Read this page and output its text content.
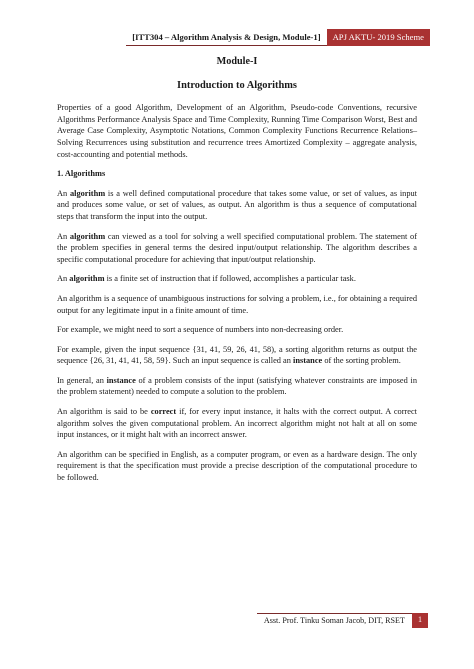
[ITT304 – Algorithm Analysis & Design, Module-1]	APJ AKTU- 2019 Scheme
Module-I
Introduction to Algorithms

Properties of a good Algorithm, Development of an Algorithm, Pseudo-code Conventions, recursive Algorithms Performance Analysis Space and Time Complexity, Running Time Comparison Worst, Best and Average Case Complexity, Asymptotic Notations, Common Complexity Functions Recurrence Relations–Solving Recurrences using substitution and recurrence trees Amortized Complexity – aggregate analysis, cost-accounting and potential methods.

1. Algorithms

An algorithm is a well defined computational procedure that takes some value, or set of values, as input and produces some value, or set of values, as output. An algorithm is thus a sequence of computational steps that transform the input into the output.

An algorithm can viewed as a tool for solving a well specified computational problem. The statement of the problem specifies in general terms the desired input/output relationship. The algorithm describes a specific computational procedure for achieving that input/output relationship.

An algorithm is a finite set of instruction that if followed, accomplishes a particular task.

An algorithm is a sequence of unambiguous instructions for solving a problem, i.e., for obtaining a required output for any legitimate input in a finite amount of time.

For example, we might need to sort a sequence of numbers into non-decreasing order.

For example, given the input sequence {31, 41, 59, 26, 41, 58), a sorting algorithm returns as output the sequence {26, 31, 41, 41, 58, 59}. Such an input sequence is called an instance of the sorting problem.

In general, an instance of a problem consists of the input (satisfying whatever constraints are imposed in the problem statement) needed to compute a solution to the problem.

An algorithm is said to be correct if, for every input instance, it halts with the correct output. A correct algorithm solves the given computational problem. An incorrect algorithm might not halt at all on some input instances, or it might halt with an incorrect answer.

An algorithm can be specified in English, as a computer program, or even as a hardware design. The only requirement is that the specification must provide a precise description of the computational procedure to be followed.

Asst. Prof. Tinku Soman Jacob, DIT, RSET	1
